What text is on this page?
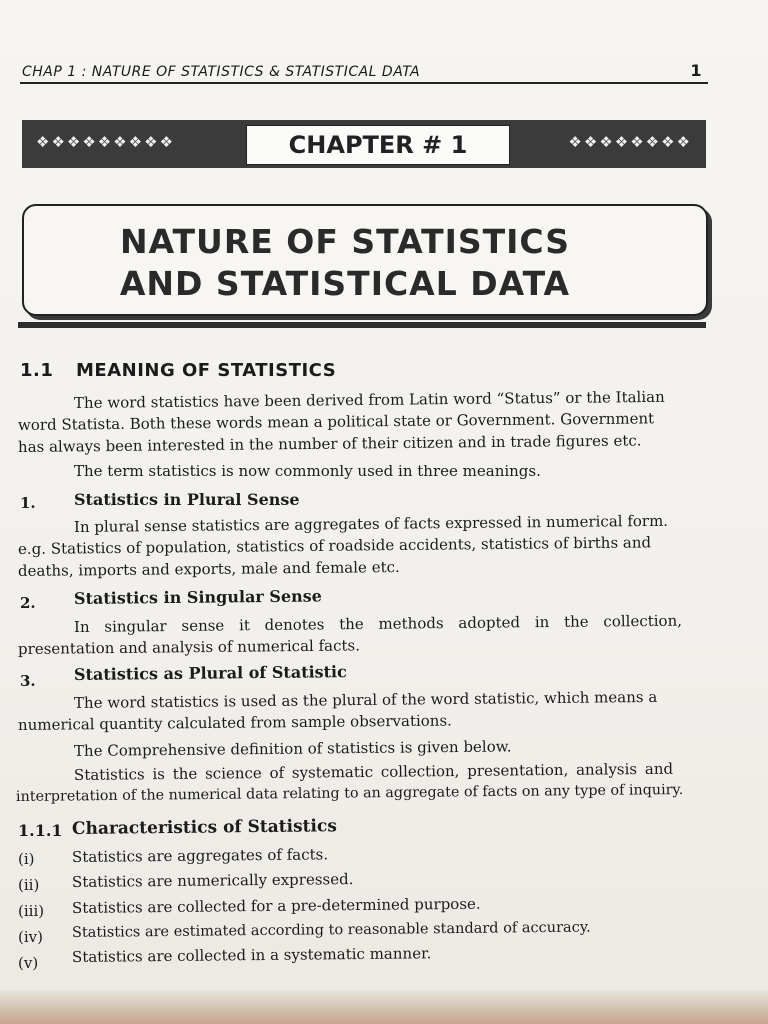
CHAP 1 : NATURE OF STATISTICS & STATISTICAL DATA	1
❖❖❖❖❖❖❖❖❖	CHAPTER # 1	❖❖❖❖❖❖❖❖
NATURE OF STATISTICS
AND STATISTICAL DATA
1.1 MEANING OF STATISTICS
The word statistics have been derived from Latin word “Status” or the Italian
word Statista. Both these words mean a political state or Government. Government
has always been interested in the number of their citizen and in trade figures etc.
The term statistics is now commonly used in three meanings.
1. Statistics in Plural Sense
In plural sense statistics are aggregates of facts expressed in numerical form.
e.g. Statistics of population, statistics of roadside accidents, statistics of births and
deaths, imports and exports, male and female etc.
2. Statistics in Singular Sense
In singular sense it denotes the methods adopted in the collection,
presentation and analysis of numerical facts.
3. Statistics as Plural of Statistic
The word statistics is used as the plural of the word statistic, which means a
numerical quantity calculated from sample observations.
The Comprehensive definition of statistics is given below.
Statistics is the science of systematic collection, presentation, analysis and
interpretation of the numerical data relating to an aggregate of facts on any type of inquiry.
1.1.1 Characteristics of Statistics
(i) Statistics are aggregates of facts.
(ii) Statistics are numerically expressed.
(iii) Statistics are collected for a pre-determined purpose.
(iv) Statistics are estimated according to reasonable standard of accuracy.
(v) Statistics are collected in a systematic manner.
